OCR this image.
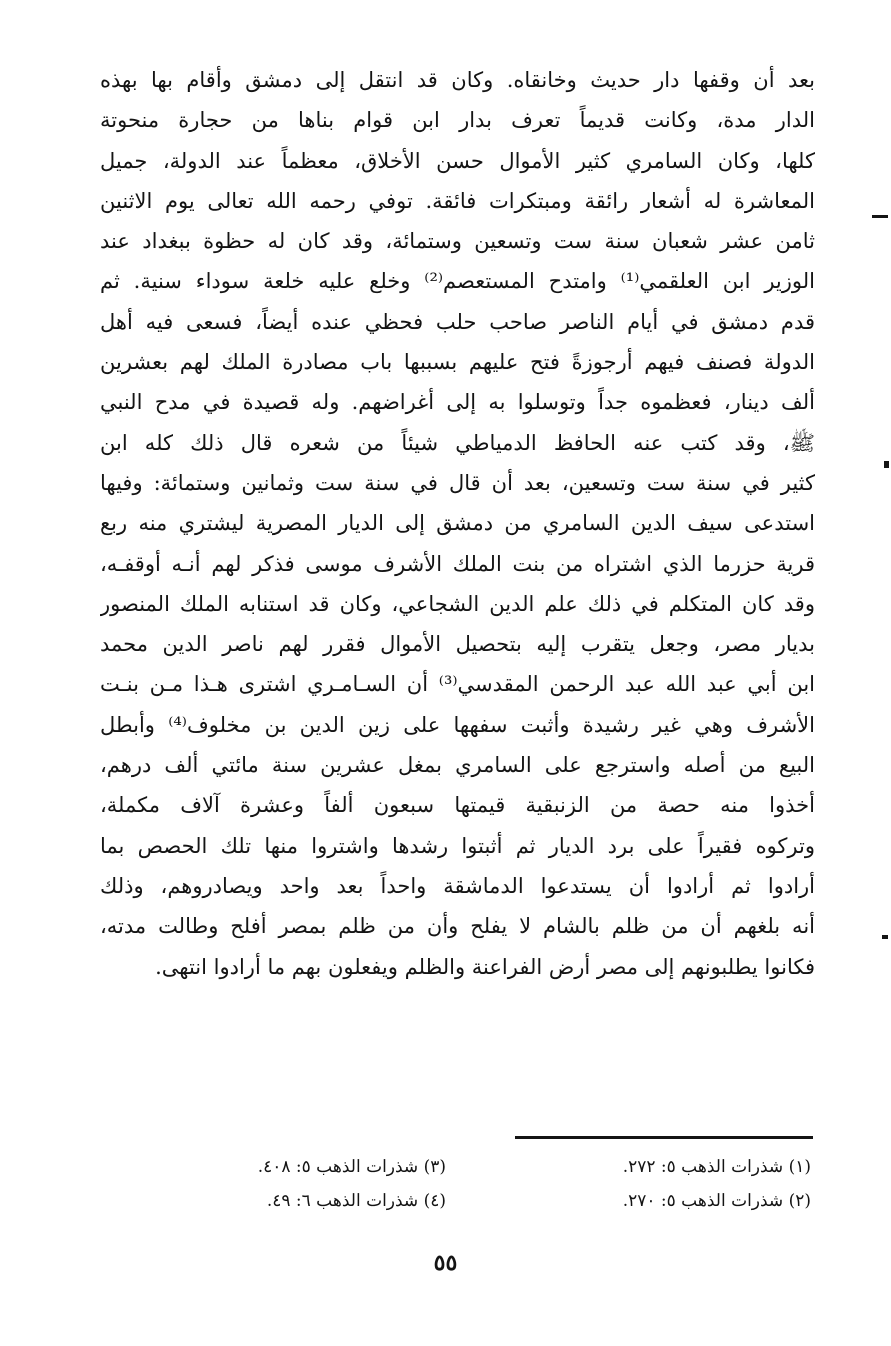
بعد أن وقفها دار حديث وخانقاه. وكان قد انتقل إلى دمشق وأقام بها بهذه
الدار مدة، وكانت قديماً تعرف بدار ابن قوام بناها من حجارة منحوتة
كلها، وكان السامري كثير الأموال حسن الأخلاق، معظماً عند الدولة، جميل
المعاشرة له أشعار رائقة ومبتكرات فائقة. توفي رحمه الله تعالى يوم الاثنين
ثامن عشر شعبان سنة ست وتسعين وستمائة، وقد كان له حظوة ببغداد عند
الوزير ابن العلقمي⁽¹⁾ وامتدح المستعصم⁽²⁾ وخلع عليه خلعة سوداء سنية. ثم
قدم دمشق في أيام الناصر صاحب حلب فحظي عنده أيضاً، فسعى فيه أهل
الدولة فصنف فيهم أرجوزةً فتح عليهم بسببها باب مصادرة الملك لهم بعشرين
ألف دينار، فعظموه جداً وتوسلوا به إلى أغراضهم. وله قصيدة في مدح النبي
ﷺ، وقد كتب عنه الحافظ الدمياطي شيئاً من شعره قال ذلك كله ابن
كثير في سنة ست وتسعين، بعد أن قال في سنة ست وثمانين وستمائة: وفيها
استدعى سيف الدين السامري من دمشق إلى الديار المصرية ليشتري منه ربع
قرية حزرما الذي اشتراه من بنت الملك الأشرف موسى فذكر لهم أنـه أوقفـه،
وقد كان المتكلم في ذلك علم الدين الشجاعي، وكان قد استنابه الملك المنصور
بديار مصر، وجعل يتقرب إليه بتحصيل الأموال فقرر لهم ناصر الدين محمد
ابن أبي عبد الله عبد الرحمن المقدسي⁽³⁾ أن السـامـري اشترى هـذا مـن بنـت
الأشرف وهي غير رشيدة وأثبت سفهها على زين الدين بن مخلوف⁽⁴⁾ وأبطل
البيع من أصله واسترجع على السامري بمغل عشرين سنة مائتي ألف درهم،
أخذوا منه حصة من الزنبقية قيمتها سبعون ألفاً وعشرة آلاف مكملة،
وتركوه فقيراً على برد الديار ثم أثبتوا رشدها واشتروا منها تلك الحصص بما
أرادوا ثم أرادوا أن يستدعوا الدماشقة واحداً بعد واحد ويصادروهم، وذلك
أنه بلغهم أن من ظلم بالشام لا يفلح وأن من ظلم بمصر أفلح وطالت مدته،
فكانوا يطلبونهم إلى مصر أرض الفراعنة والظلم ويفعلون بهم ما أرادوا انتهى.
(١) شذرات الذهب ٥: ٢٧٢.
(٢) شذرات الذهب ٥: ٢٧٠.
(٣) شذرات الذهب ٥: ٤٠٨.
(٤) شذرات الذهب ٦: ٤٩.
٥٥
